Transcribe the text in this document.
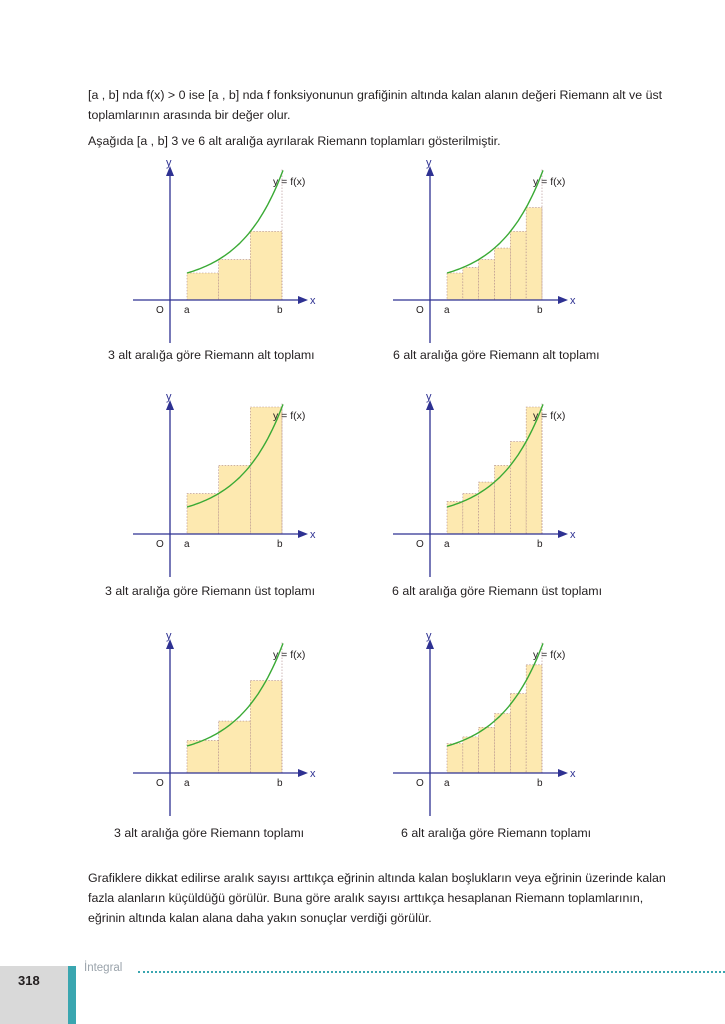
[a , b] nda f(x) > 0 ise [a , b] nda f fonksiyonunun grafiğinin altında kalan alanın değeri Riemann alt ve üst toplamlarının arasında bir değer olur.

Aşağıda [a , b] 3 ve 6 alt aralığa ayrılarak Riemann toplamları gösterilmiştir.

y
x
O a	b
y = f(x)
3 alt aralığa göre Riemann alt toplamı
y
x
O a	b
y = f(x)
6 alt aralığa göre Riemann alt toplamı
y
x
O a	b
y = f(x)
3 alt aralığa göre Riemann üst toplamı
y
x
O a	b
y = f(x)
6 alt aralığa göre Riemann üst toplamı
y
x
O a	b
y = f(x)
3 alt aralığa göre Riemann toplamı
y
x
O a	b
y = f(x)
6 alt aralığa göre Riemann toplamı

Grafiklere dikkat edilirse aralık sayısı arttıkça eğrinin altında kalan boşlukların veya eğrinin üzerinde kalan fazla alanların küçüldüğü görülür. Buna göre aralık sayısı arttıkça hesaplanan Riemann toplamlarının, eğrinin altında kalan alana daha yakın sonuçlar verdiği görülür.

318
İntegral
